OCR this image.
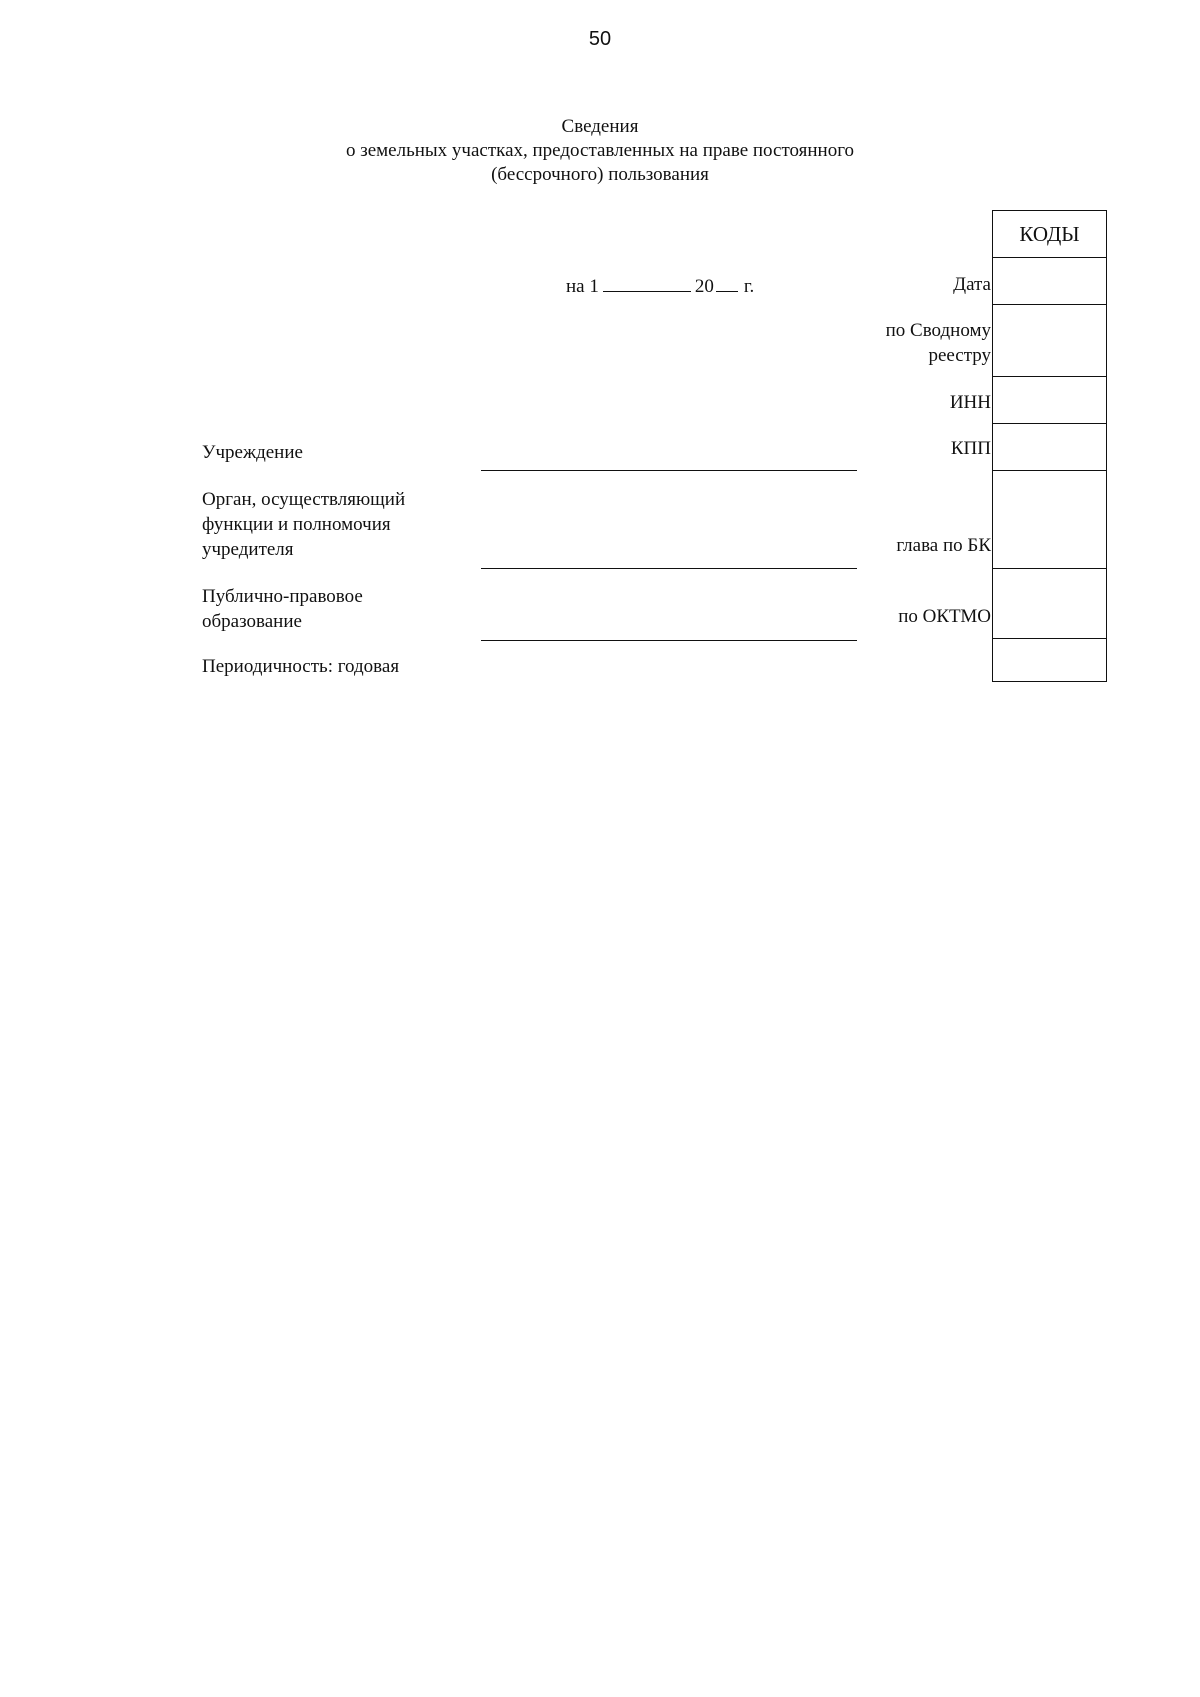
50
Сведения
о земельных участках, предоставленных на праве постоянного
(бессрочного) пользования
на 1	20 г.	Дата
по Сводному
реестру
ИНН
КПП
глава по БК
по ОКТМО
КОДЫ
Учреждение
Орган, осуществляющий
функции и полномочия
учредителя
Публично-правовое
образование
Периодичность: годовая
